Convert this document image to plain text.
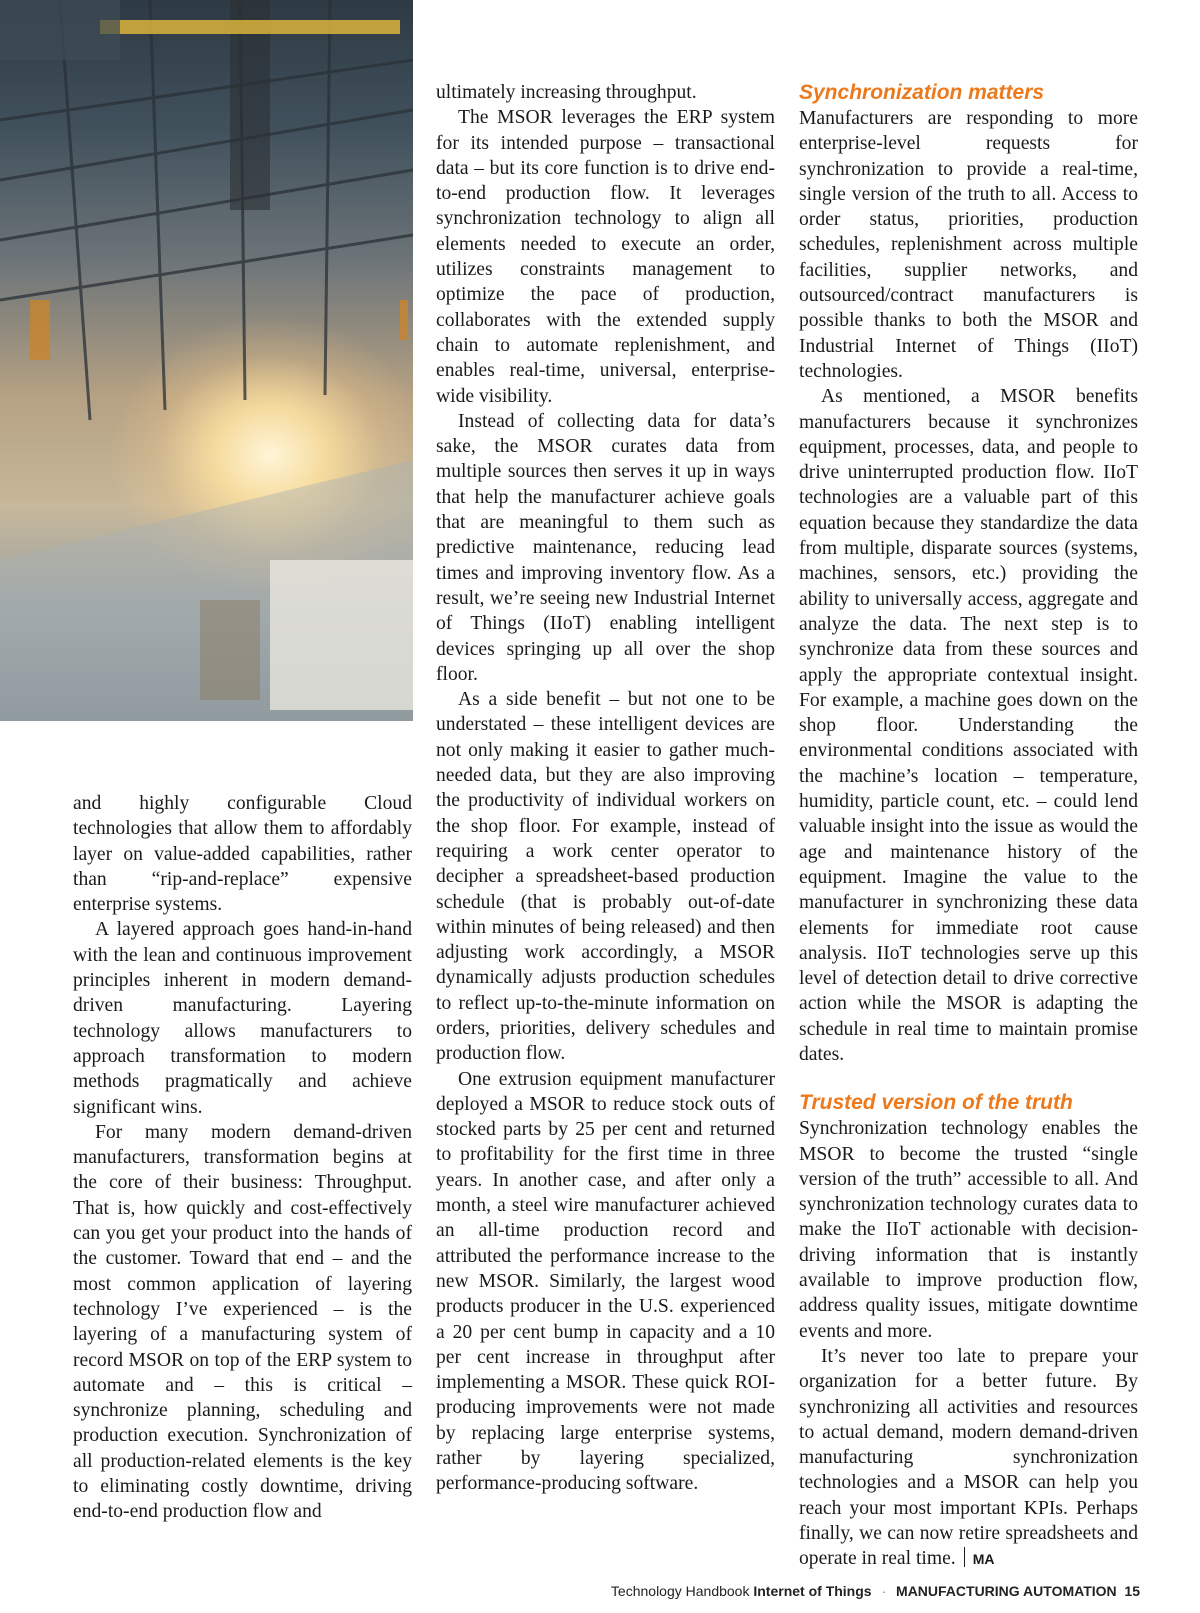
and highly configurable Cloud technologies that allow them to affordably layer on value-added capabilities, rather than “rip-and-replace” expensive enterprise systems.

A layered approach goes hand-in-hand with the lean and continuous improvement principles inherent in modern demand-driven manufacturing. Layering technology allows manufacturers to approach transformation to modern methods pragmatically and achieve significant wins.

For many modern demand-driven manufacturers, transformation begins at the core of their business: Throughput. That is, how quickly and cost-effectively can you get your product into the hands of the customer. Toward that end – and the most common application of layering technology I’ve experienced – is the layering of a manufacturing system of record MSOR on top of the ERP system to automate and – this is critical – synchronize planning, scheduling and production execution. Synchronization of all production-related elements is the key to eliminating costly downtime, driving end-to-end production flow and

ultimately increasing throughput.

The MSOR leverages the ERP system for its intended purpose – transactional data – but its core function is to drive end-to-end production flow. It leverages synchronization technology to align all elements needed to execute an order, utilizes constraints management to optimize the pace of production, collaborates with the extended supply chain to automate replenishment, and enables real-time, universal, enterprise-wide visibility.

Instead of collecting data for data’s sake, the MSOR curates data from multiple sources then serves it up in ways that help the manufacturer achieve goals that are meaningful to them such as predictive maintenance, reducing lead times and improving inventory flow. As a result, we’re seeing new Industrial Internet of Things (IIoT) enabling intelligent devices springing up all over the shop floor.

As a side benefit – but not one to be understated – these intelligent devices are not only making it easier to gather much-needed data, but they are also improving the productivity of individual workers on the shop floor. For example, instead of requiring a work center operator to decipher a spreadsheet-based production schedule (that is probably out-of-date within minutes of being released) and then adjusting work accordingly, a MSOR dynamically adjusts production schedules to reflect up-to-the-minute information on orders, priorities, delivery schedules and production flow.

One extrusion equipment manufacturer deployed a MSOR to reduce stock outs of stocked parts by 25 per cent and returned to profitability for the first time in three years. In another case, and after only a month, a steel wire manufacturer achieved an all-time production record and attributed the performance increase to the new MSOR. Similarly, the largest wood products producer in the U.S. experienced a 20 per cent bump in capacity and a 10 per cent increase in throughput after implementing a MSOR. These quick ROI-producing improvements were not made by replacing large enterprise systems, rather by layering specialized, performance-producing software.

Synchronization matters

Manufacturers are responding to more enterprise-level requests for synchronization to provide a real-time, single version of the truth to all. Access to order status, priorities, production schedules, replenishment across multiple facilities, supplier networks, and outsourced/contract manufacturers is possible thanks to both the MSOR and Industrial Internet of Things (IIoT) technologies.

As mentioned, a MSOR benefits manufacturers because it synchronizes equipment, processes, data, and people to drive uninterrupted production flow. IIoT technologies are a valuable part of this equation because they standardize the data from multiple, disparate sources (systems, machines, sensors, etc.) providing the ability to universally access, aggregate and analyze the data. The next step is to synchronize data from these sources and apply the appropriate contextual insight. For example, a machine goes down on the shop floor. Understanding the environmental conditions associated with the machine’s location – temperature, humidity, particle count, etc. – could lend valuable insight into the issue as would the age and maintenance history of the equipment. Imagine the value to the manufacturer in synchronizing these data elements for immediate root cause analysis. IIoT technologies serve up this level of detection detail to drive corrective action while the MSOR is adapting the schedule in real time to maintain promise dates.

Trusted version of the truth

Synchronization technology enables the MSOR to become the trusted “single version of the truth” accessible to all. And synchronization technology curates data to make the IIoT actionable with decision-driving information that is instantly available to improve production flow, address quality issues, mitigate downtime events and more.

It’s never too late to prepare your organization for a better future. By synchronizing all activities and resources to actual demand, modern demand-driven manufacturing synchronization technologies and a MSOR can help you reach your most important KPIs. Perhaps finally, we can now retire spreadsheets and operate in real time. MA

Technology Handbook Internet of Things · MANUFACTURING AUTOMATION 15
